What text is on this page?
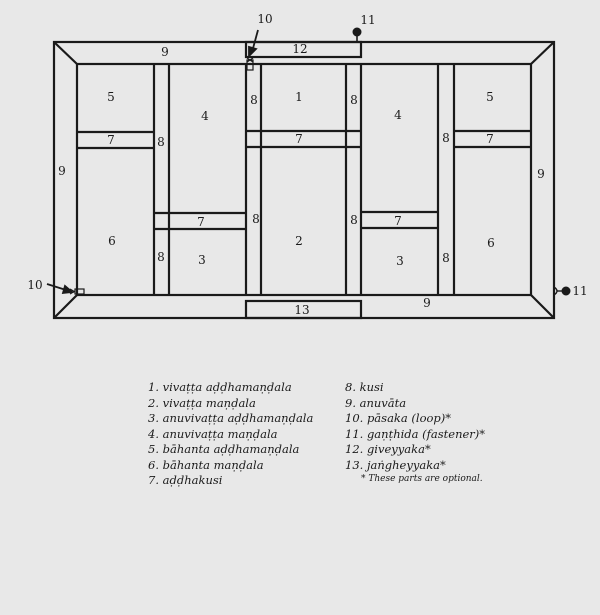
1
2
3	3
4	4
5	5
6	6
7
7
7
7
7
8
8
8
8
8
8
8
8
9
9	9
9
10
10
11
11
12
13
1. vivaṭṭa aḍḍhamaṇḍala
2. vivaṭṭa maṇḍala
3. anuvivaṭṭa aḍḍhamaṇḍala
4. anuvivaṭṭa maṇḍala
5. bāhanta aḍḍhamaṇḍala
6. bāhanta maṇḍala
7. aḍḍhakusi
8. kusi
9. anuvāta
10. pāsaka (loop)*
11. gaṇṭhida (fastener)*
12. giveyyaka*
13. jaṅgheyyaka*
* These parts are optional.
